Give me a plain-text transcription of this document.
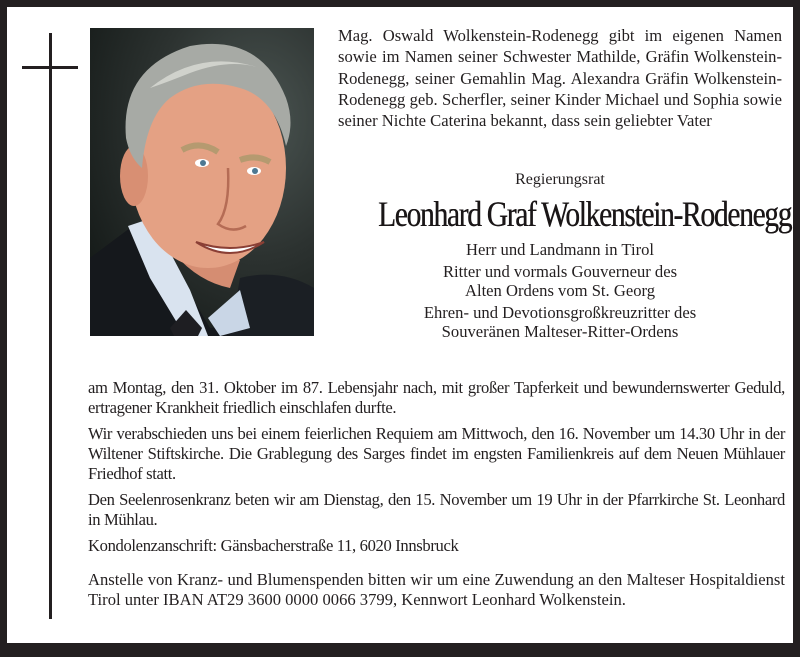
Mag. Oswald Wolkenstein-Rodenegg gibt im eigenen Namen sowie im Namen seiner Schwester Mathilde, Gräfin Wolkenstein-Rodenegg, seiner Gemahlin Mag. Alexandra Gräfin Wolkenstein-Rodenegg geb. Scherfler, seiner Kinder Michael und Sophia sowie seiner Nichte Caterina bekannt, dass sein geliebter Vater

Regierungsrat
Leonhard Graf Wolkenstein-Rodenegg
Herr und Landmann in Tirol
Ritter und vormals Gouverneur des
Alten Ordens vom St. Georg
Ehren- und Devotionsgroßkreuzritter des
Souveränen Malteser-Ritter-Ordens

am Montag, den 31. Oktober im 87. Lebensjahr nach, mit großer Tapferkeit und bewundernswerter Geduld, ertragener Krankheit friedlich einschlafen durfte.

Wir verabschieden uns bei einem feierlichen Requiem am Mittwoch, den 16. November um 14.30 Uhr in der Wiltener Stiftskirche. Die Grablegung des Sarges findet im engsten Familienkreis auf dem Neuen Mühlauer Friedhof statt.

Den Seelenrosenkranz beten wir am Dienstag, den 15. November um 19 Uhr in der Pfarrkirche St. Leonhard in Mühlau.

Kondolenzanschrift: Gänsbacherstraße 11, 6020 Innsbruck

Anstelle von Kranz- und Blumenspenden bitten wir um eine Zuwendung an den Malteser Hospitaldienst Tirol unter IBAN AT29 3600 0000 0066 3799, Kennwort Leonhard Wolkenstein.
